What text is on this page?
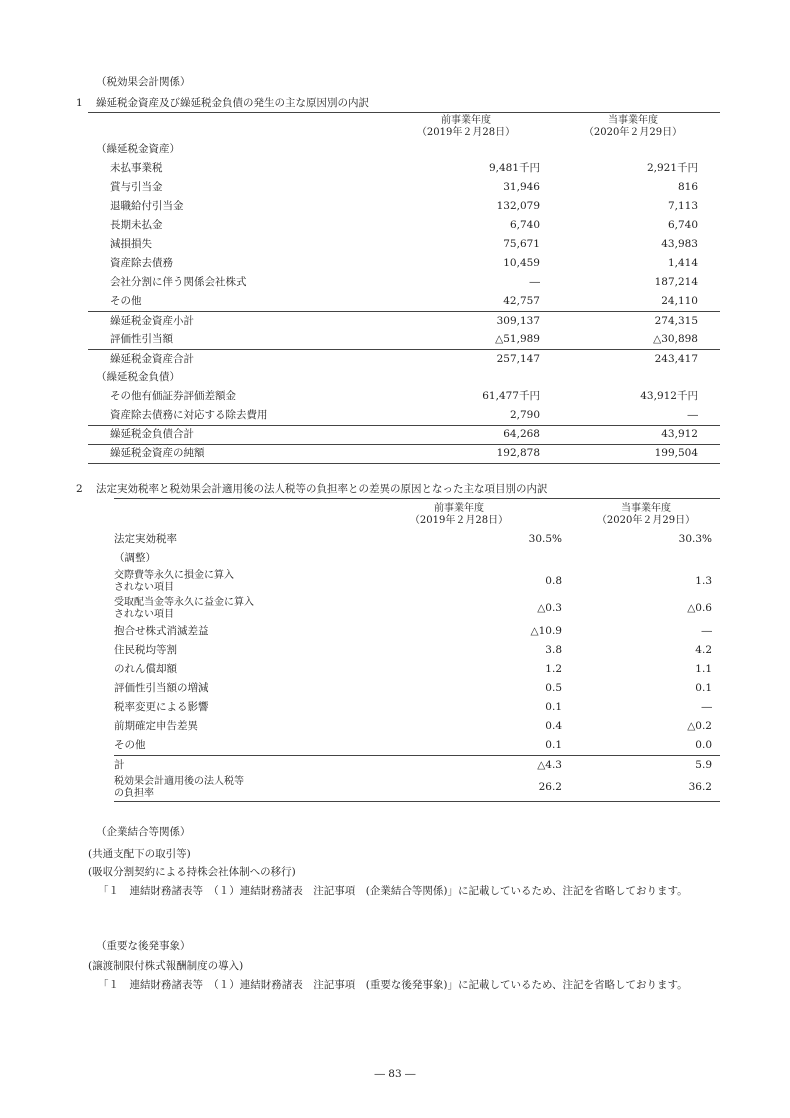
（税効果会計関係）
1 繰延税金資産及び繰延税金負債の発生の主な原因別の内訳
	前事業年度
（2019年２月28日）	当事業年度
（2020年２月29日）
（繰延税金資産）		
未払事業税	9,481千円	2,921千円
賞与引当金	31,946	816
退職給付引当金	132,079	7,113
長期未払金	6,740	6,740
減損損失	75,671	43,983
資産除去債務	10,459	1,414
会社分割に伴う関係会社株式	―	187,214
その他	42,757	24,110
繰延税金資産小計	309,137	274,315
評価性引当額	△51,989	△30,898
繰延税金資産合計	257,147	243,417
（繰延税金負債）		
その他有価証券評価差額金	61,477千円	43,912千円
資産除去債務に対応する除去費用	2,790	―
繰延税金負債合計	64,268	43,912
繰延税金資産の純額	192,878	199,504
2 法定実効税率と税効果会計適用後の法人税等の負担率との差異の原因となった主な項目別の内訳
	前事業年度
（2019年２月28日）	当事業年度
（2020年２月29日）
法定実効税率	30.5%	30.3%
（調整）		
交際費等永久に損金に算入
されない項目	0.8	1.3
受取配当金等永久に益金に算入
されない項目	△0.3	△0.6
抱合せ株式消滅差益	△10.9	―
住民税均等割	3.8	4.2
のれん償却額	1.2	1.1
評価性引当額の増減	0.5	0.1
税率変更による影響	0.1	―
前期確定申告差異	0.4	△0.2
その他	0.1	0.0
計	△4.3	5.9
税効果会計適用後の法人税等
の負担率	26.2	36.2
（企業結合等関係）
(共通支配下の取引等)
(吸収分割契約による持株会社体制への移行)

「１　連結財務諸表等　（１）連結財務諸表　注記事項　(企業結合等関係)」に記載しているため、注記を省略しております。

（重要な後発事象）
(譲渡制限付株式報酬制度の導入)

「１　連結財務諸表等　（１）連結財務諸表　注記事項　(重要な後発事象)」に記載しているため、注記を省略しております。

― 83 ―
